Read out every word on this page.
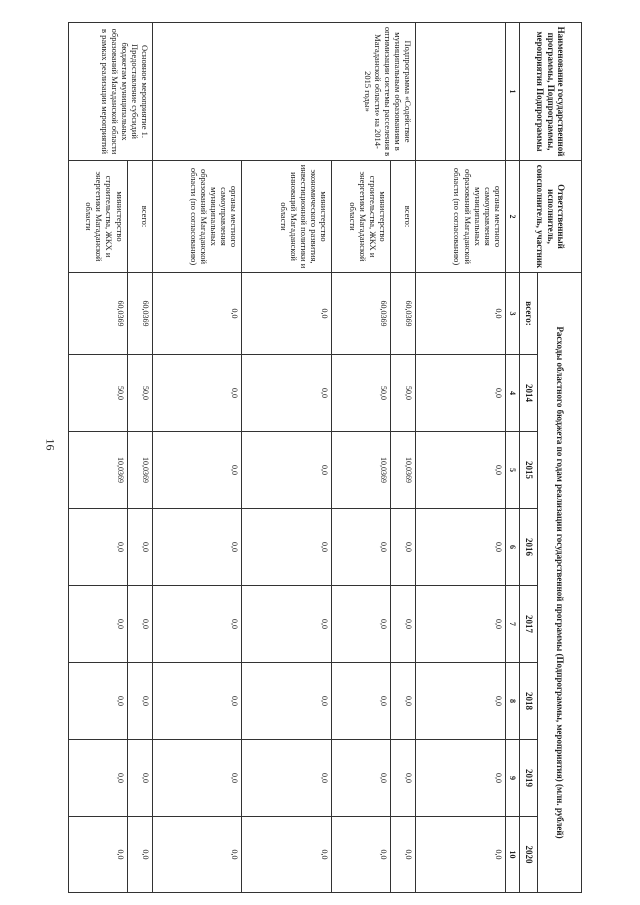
16
Наименование государственной программы, Подпрограммы, мероприятия Подпрограммы	Ответственный исполнитель, соисполнитель, участник	Расходы областного бюджета по годам реализации государственной программы (Подпрограммы, мероприятия) (млн. рублей)							
		всего:	2014	2015	2016	2017	2018	2019	2020
1	2	3	4	5	6	7	8	9	10
	органы местного самоуправления муниципальных образований Магаданской области (по согласованию)	0,0	0,0	0,0	0,0	0,0	0,0	0,0	0,0
Подпрограмма «Содействие муниципальным образованиям в оптимизации системы расселения в Магаданской области» на 2014-2015 годы»	всего:	60,0369	50,0	10,0369	0,0	0,0	0,0	0,0	0,0
	министерство строительства, ЖКХ и энергетики Магаданской области	60,0369	50,0	10,0369	0,0	0,0	0,0	0,0	0,0
	министерство экономического развития, инвестиционной политики и инноваций Магаданской области	0,0	0,0	0,0	0,0	0,0	0,0	0,0	0,0
	органы местного самоуправления муниципальных образований Магаданской области (по согласованию)	0,0	0,0	0,0	0,0	0,0	0,0	0,0	0,0
Основное мероприятие 1. Предоставление субсидий бюджетам муниципальных образований Магаданской области в рамках реализации мероприятий	всего:	60,0369	50,0	10,0369	0,0	0,0	0,0	0,0	0,0
	министерство строительства, ЖКХ и энергетики Магаданской области	60,0369	50,0	10,0369	0,0	0,0	0,0	0,0	0,0
